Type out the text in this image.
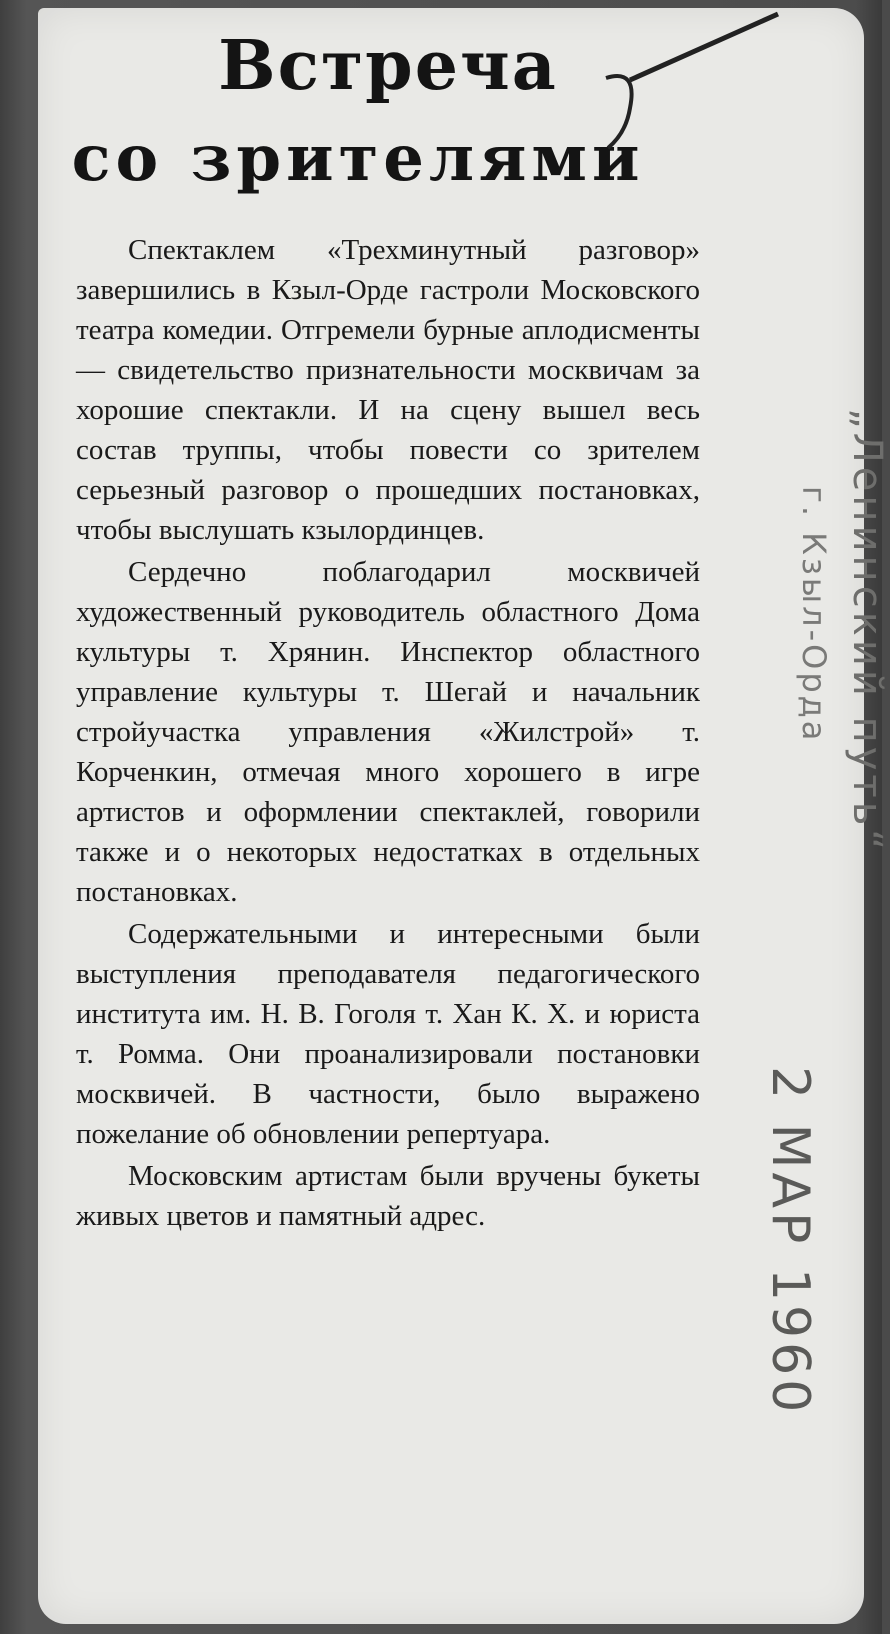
Встреча
со зрителями

Спектаклем «Трехминутный разговор» завершились в Кзыл-Орде гастроли Московского театра комедии. Отгремели бурные аплодисменты — свидетельство признательности москвичам за хорошие спектакли. И на сцену вышел весь состав труппы, чтобы повести со зрителем серьезный разговор о прошедших постановках, чтобы выслушать кзылординцев.

Сердечно поблагодарил москвичей художественный руководитель областного Дома культуры т. Хрянин. Инспектор областного управление культуры т. Шегай и начальник стройучастка управления «Жилстрой» т. Корченкин, отмечая много хорошего в игре артистов и оформлении спектаклей, говорили также и о некоторых недостатках в отдельных постановках.

Содержательными и интересными были выступления преподавателя педагогического института им. Н. В. Гоголя т. Хан К. Х. и юриста т. Ромма. Они проанализировали постановки москвичей. В частности, было выражено пожелание об обновлении репертуара.

Московским артистам были вручены букеты живых цветов и памятный адрес.

„Ленинский путь“
г. Кзыл-Орда
2 МАР 1960
